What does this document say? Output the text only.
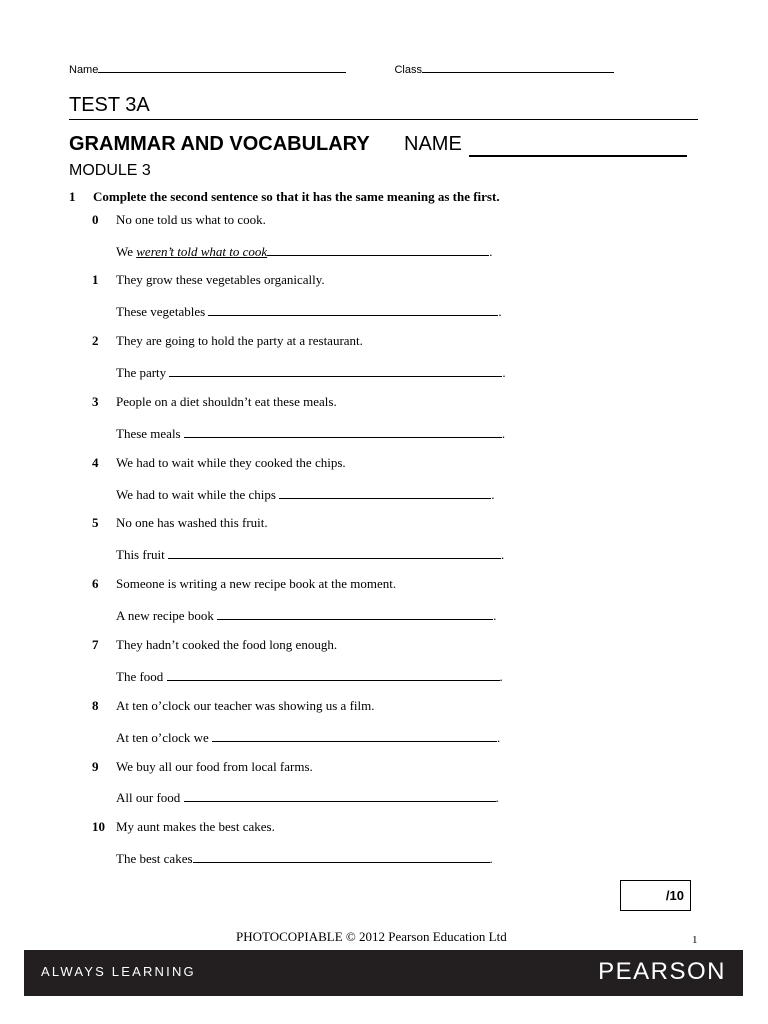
Name	Class
TEST 3A
GRAMMAR AND VOCABULARY NAME
MODULE 3
1 Complete the second sentence so that it has the same meaning as the first.
0 No one told us what to cook.
We weren’t told what to cook	.
1 They grow these vegetables organically.
These vegetables	.
2 They are going to hold the party at a restaurant.
The party	.
3 People on a diet shouldn’t eat these meals.
These meals	.
4 We had to wait while they cooked the chips.
We had to wait while the chips	.
5 No one has washed this fruit.
This fruit	.
6 Someone is writing a new recipe book at the moment.
A new recipe book	.
7 They hadn’t cooked the food long enough.
The food	.
8 At ten o’clock our teacher was showing us a film.
At ten o’clock we	.
9 We buy all our food from local farms.
All our food	.
10 My aunt makes the best cakes.
The best cakes	.
/10
PHOTOCOPIABLE © 2012 Pearson Education Ltd	1
ALWAYS LEARNING	PEARSON
